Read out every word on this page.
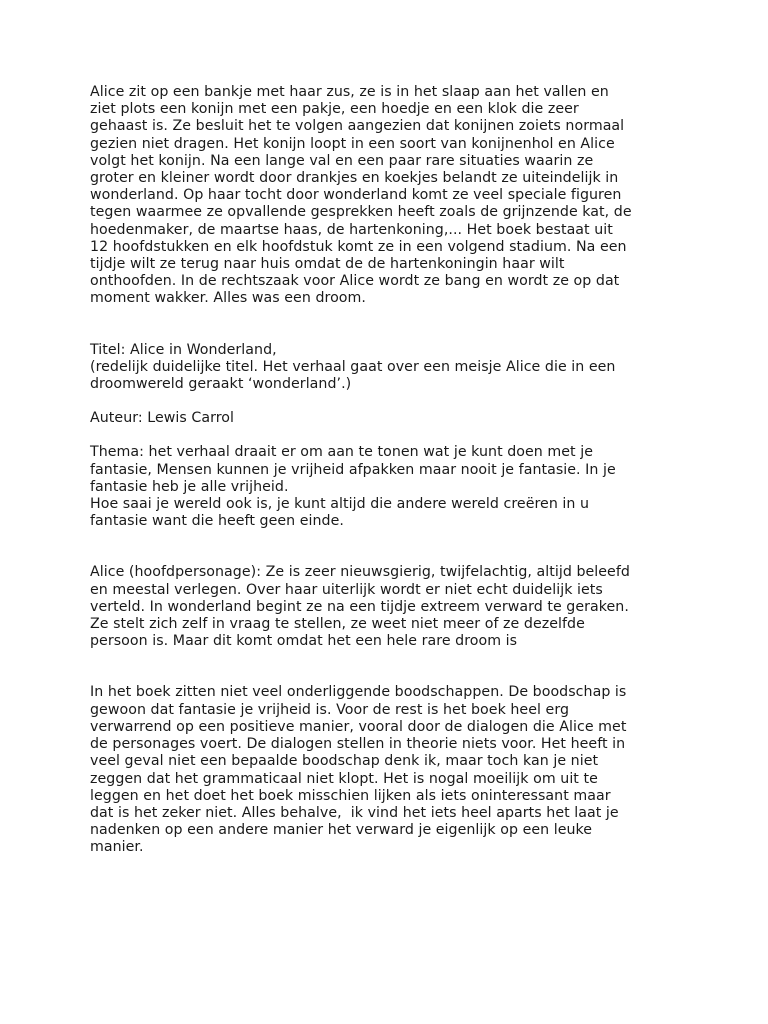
Alice zit op een bankje met haar zus, ze is in het slaap aan het vallen en
ziet plots een konijn met een pakje, een hoedje en een klok die zeer
gehaast is. Ze besluit het te volgen aangezien dat konijnen zoiets normaal
gezien niet dragen. Het konijn loopt in een soort van konijnenhol en Alice
volgt het konijn. Na een lange val en een paar rare situaties waarin ze
groter en kleiner wordt door drankjes en koekjes belandt ze uiteindelijk in
wonderland. Op haar tocht door wonderland komt ze veel speciale figuren
tegen waarmee ze opvallende gesprekken heeft zoals de grijnzende kat, de
hoedenmaker, de maartse haas, de hartenkoning,... Het boek bestaat uit
12 hoofdstukken en elk hoofdstuk komt ze in een volgend stadium. Na een
tijdje wilt ze terug naar huis omdat de de hartenkoningin haar wilt
onthoofden. In de rechtszaak voor Alice wordt ze bang en wordt ze op dat
moment wakker. Alles was een droom.

Titel: Alice in Wonderland,
(redelijk duidelijke titel. Het verhaal gaat over een meisje Alice die in een
droomwereld geraakt ‘wonderland’.)

Auteur: Lewis Carrol

Thema: het verhaal draait er om aan te tonen wat je kunt doen met je
fantasie, Mensen kunnen je vrijheid afpakken maar nooit je fantasie. In je
fantasie heb je alle vrijheid.
Hoe saai je wereld ook is, je kunt altijd die andere wereld creëren in u
fantasie want die heeft geen einde.

Alice (hoofdpersonage): Ze is zeer nieuwsgierig, twijfelachtig, altijd beleefd
en meestal verlegen. Over haar uiterlijk wordt er niet echt duidelijk iets
verteld. In wonderland begint ze na een tijdje extreem verward te geraken.
Ze stelt zich zelf in vraag te stellen, ze weet niet meer of ze dezelfde
persoon is. Maar dit komt omdat het een hele rare droom is

In het boek zitten niet veel onderliggende boodschappen. De boodschap is
gewoon dat fantasie je vrijheid is. Voor de rest is het boek heel erg
verwarrend op een positieve manier, vooral door de dialogen die Alice met
de personages voert. De dialogen stellen in theorie niets voor. Het heeft in
veel geval niet een bepaalde boodschap denk ik, maar toch kan je niet
zeggen dat het grammaticaal niet klopt. Het is nogal moeilijk om uit te
leggen en het doet het boek misschien lijken als iets oninteressant maar
dat is het zeker niet. Alles behalve,  ik vind het iets heel aparts het laat je
nadenken op een andere manier het verward je eigenlijk op een leuke
manier.
